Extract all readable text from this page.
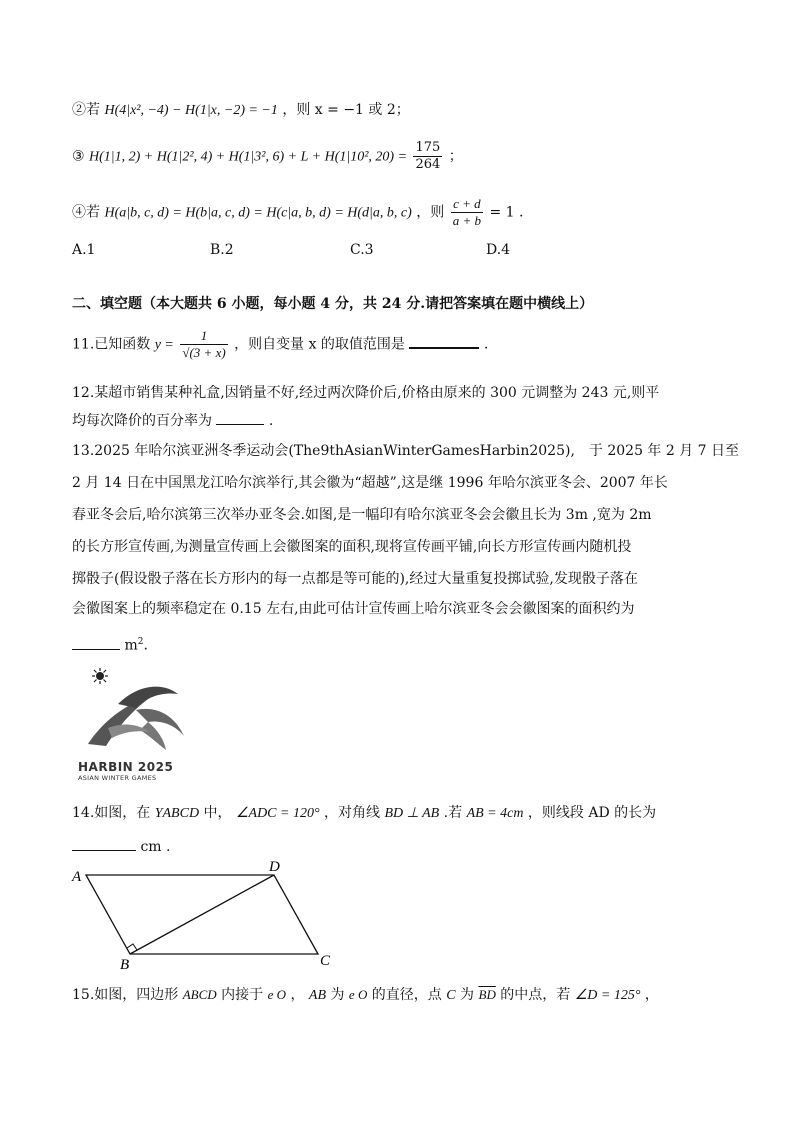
②若 H(4|x², −4) − H(1|x, −2) = −1 ，则 x = −1 或 2；
③ H(1|1, 2) + H(1|2², 4) + H(1|3², 6) + L + H(1|10², $20) = \frac{175}{264}$ ；
④若 H(a|b, c, d) = H(b|a, c, d) = H(c|a, b, d) = H(d|a, b, c) ，则 $\frac{c + d}{a + b} = 1$ .
A.1	B.2	C.3	D.4
二、填空题（本大题共 6 小题，每小题 4 分，共 24 分.请把答案填在题中横线上）
11.已知函数 $y = \frac{1}{√(3 + x)}$ ，则自变量 x 的取值范围是	.
12.某超市销售某种礼盒,因销量不好,经过两次降价后,价格由原来的 300 元调整为 243 元,则平
均每次降价的百分率为	.
13.2025 年哈尔滨亚洲冬季运动会(The9thAsianWinterGamesHarbin2025),　于 2025 年 2 月 7 日至
2 月 14 日在中国黑龙江哈尔滨举行,其会徽为“超越”,这是继 1996 年哈尔滨亚冬会、2007 年长
春亚冬会后,哈尔滨第三次举办亚冬会.如图,是一幅印有哈尔滨亚冬会会徽且长为 3m ,宽为 2m
的长方形宣传画,为测量宣传画上会徽图案的面积,现将宣传画平铺,向长方形宣传画内随机投
掷骰子(假设骰子落在长方形内的每一点都是等可能的),经过大量重复投掷试验,发现骰子落在
会徽图案上的频率稳定在 0.15 左右,由此可估计宣传画上哈尔滨亚冬会会徽图案的面积约为
$m^2$.
HARBIN 2025
ASIAN WINTER GAMES
14.如图，在 ΥABCD 中， ∠ADC = 120° ，对角线 BD ⊥ AB .若 AB = 4cm ，则线段 AD 的长为
cm .
A
D
C
B
15.如图，四边形 ABCD 内接于 e O ， AB 为 e O 的直径，点 C 为 $\overline{BD}$ 的中点，若 ∠D = 125° ，
